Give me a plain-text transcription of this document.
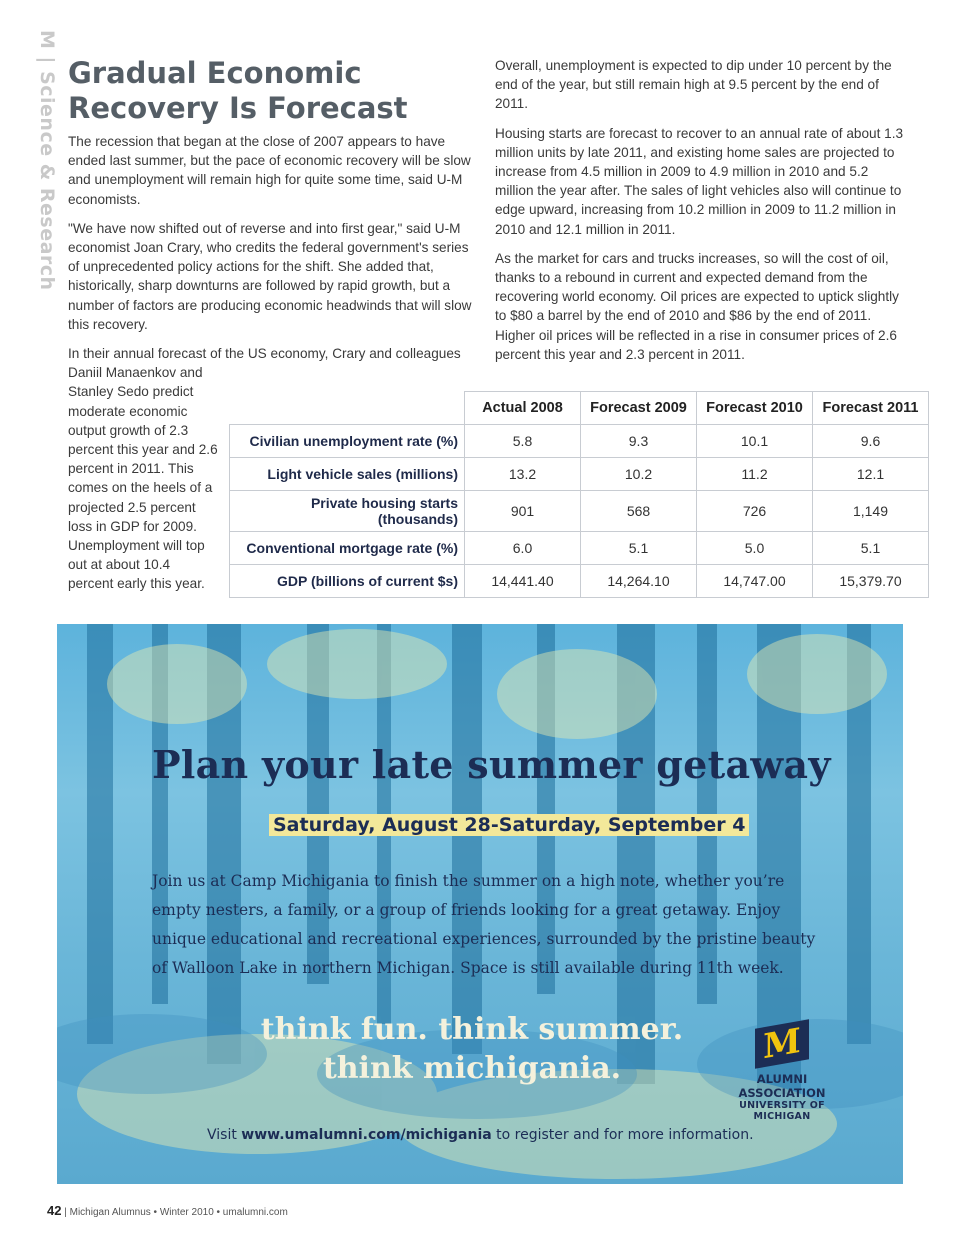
M | Science & Research Gradual Economic Recovery Is Forecast

The recession that began at the close of 2007 appears to have ended last summer, but the pace of economic recovery will be slow and unemployment will remain high for quite some time, said U-M economists.

"We have now shifted out of reverse and into first gear," said U-M economist Joan Crary, who credits the federal government's series of unprecedented policy actions for the shift. She added that, historically, sharp downturns are followed by rapid growth, but a number of factors are producing economic headwinds that will slow this recovery.

In their annual forecast of the US economy, Crary and colleagues
Daniil Manaenkov and Stanley Sedo predict moderate economic output growth of 2.3 percent this year and 2.6 percent in 2011. This comes on the heels of a projected 2.5 percent loss in GDP for 2009. Unemployment will top out at about 10.4 percent early this year.

Overall, unemployment is expected to dip under 10 percent by the end of the year, but still remain high at 9.5 percent by the end of 2011.

Housing starts are forecast to recover to an annual rate of about 1.3 million units by late 2011, and existing home sales are projected to increase from 4.5 million in 2009 to 4.9 million in 2010 and 5.2 million the year after. The sales of light vehicles also will continue to edge upward, increasing from 10.2 million in 2009 to 11.2 million in 2010 and 12.1 million in 2011.

As the market for cars and trucks increases, so will the cost of oil, thanks to a rebound in current and expected demand from the recovering world economy. Oil prices are expected to uptick slightly to $80 a barrel by the end of 2010 and $86 by the end of 2011. Higher oil prices will be reflected in a rise in consumer prices of 2.6 percent this year and 2.3 percent in 2011.

	Actual 2008	Forecast 2009	Forecast 2010	Forecast 2011
Civilian unemployment rate (%)	5.8	9.3	10.1	9.6
Light vehicle sales (millions)	13.2	10.2	11.2	12.1
Private housing starts (thousands)	901	568	726	1,149
Conventional mortgage rate (%)	6.0	5.1	5.0	5.1
GDP (billions of current $s)	14,441.40	14,264.10	14,747.00	15,379.70
Plan your late summer getaway
Saturday, August 28-Saturday, September 4
Join us at Camp Michigania to finish the summer on a high note, whether you’re empty nesters, a family, or a group of friends looking for a great getaway. Enjoy unique educational and recreational experiences, surrounded by the pristine beauty of Walloon Lake in northern Michigan. Space is still available during 11th week.
think fun. think summer.
think michigania.
M
ALUMNI ASSOCIATION
UNIVERSITY OF MICHIGAN
Visit www.umalumni.com/michigania to register and for more information.
42 | Michigan Alumnus • Winter 2010 • umalumni.com
